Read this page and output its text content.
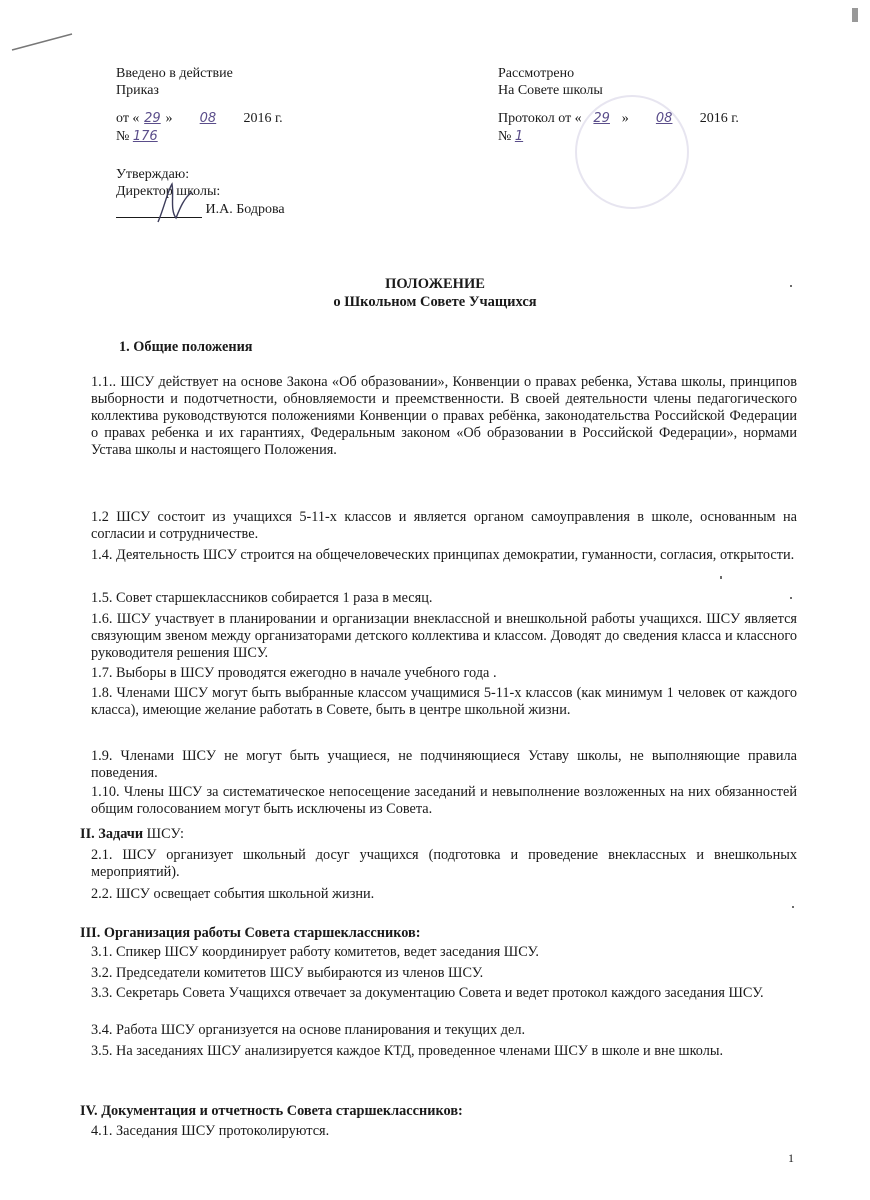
Введено в действие
Приказ
от « 29 » 08 2016 г.
№ 176
Утверждаю:
Директор школы:
И.А. Бодрова
Рассмотрено
На Совете школы
Протокол от « 29 » 08 2016 г.
№ 1
ПОЛОЖЕНИЕ
о Школьном Совете Учащихся
1. Общие положения
1.1.. ШСУ действует на основе Закона «Об образовании», Конвенции о правах ребенка, Устава школы, принципов выборности и подотчетности, обновляемости и преемственности. В своей деятельности члены педагогического коллектива руководствуются положениями Конвенции о правах ребёнка, законодательства Российской Федерации о правах ребенка и их гарантиях, Федеральным законом «Об образовании в Российской Федерации», нормами Устава школы и настоящего Положения.
1.2 ШСУ состоит из учащихся 5-11-х классов и является органом самоуправления в школе, основанным на согласии и сотрудничестве.
1.4. Деятельность ШСУ строится на общечеловеческих принципах демократии, гуманности, согласия, открытости.
1.5. Совет старшеклассников собирается 1 раза в месяц.
1.6. ШСУ участвует в планировании и организации внеклассной и внешкольной работы учащихся. ШСУ является связующим звеном между организаторами детского коллектива и классом. Доводят до сведения класса и классного руководителя решения ШСУ.
1.7. Выборы в ШСУ проводятся ежегодно в начале учебного года .
1.8. Членами ШСУ могут быть выбранные классом учащимися 5-11-х классов (как минимум 1 человек от каждого класса), имеющие желание работать в Совете, быть в центре школьной жизни.
1.9. Членами ШСУ не могут быть учащиеся, не подчиняющиеся Уставу школы, не выполняющие правила поведения.
1.10. Члены ШСУ за систематическое непосещение заседаний и невыполнение возложенных на них обязанностей общим голосованием могут быть исключены из Совета.
II. Задачи ШСУ:
2.1. ШСУ организует школьный досуг учащихся (подготовка и проведение внеклассных и внешкольных мероприятий).
2.2. ШСУ освещает события школьной жизни.
III. Организация работы Совета старшеклассников:
3.1. Спикер ШСУ координирует работу комитетов, ведет заседания ШСУ.
3.2. Председатели комитетов ШСУ выбираются из членов ШСУ.
3.3. Секретарь Совета Учащихся отвечает за документацию Совета и ведет протокол каждого заседания ШСУ.
3.4. Работа ШСУ организуется на основе планирования и текущих дел.
3.5. На заседаниях ШСУ анализируется каждое КТД, проведенное членами ШСУ в школе и вне школы.
IV. Документация и отчетность Совета старшеклассников:
4.1. Заседания ШСУ протоколируются.
1
